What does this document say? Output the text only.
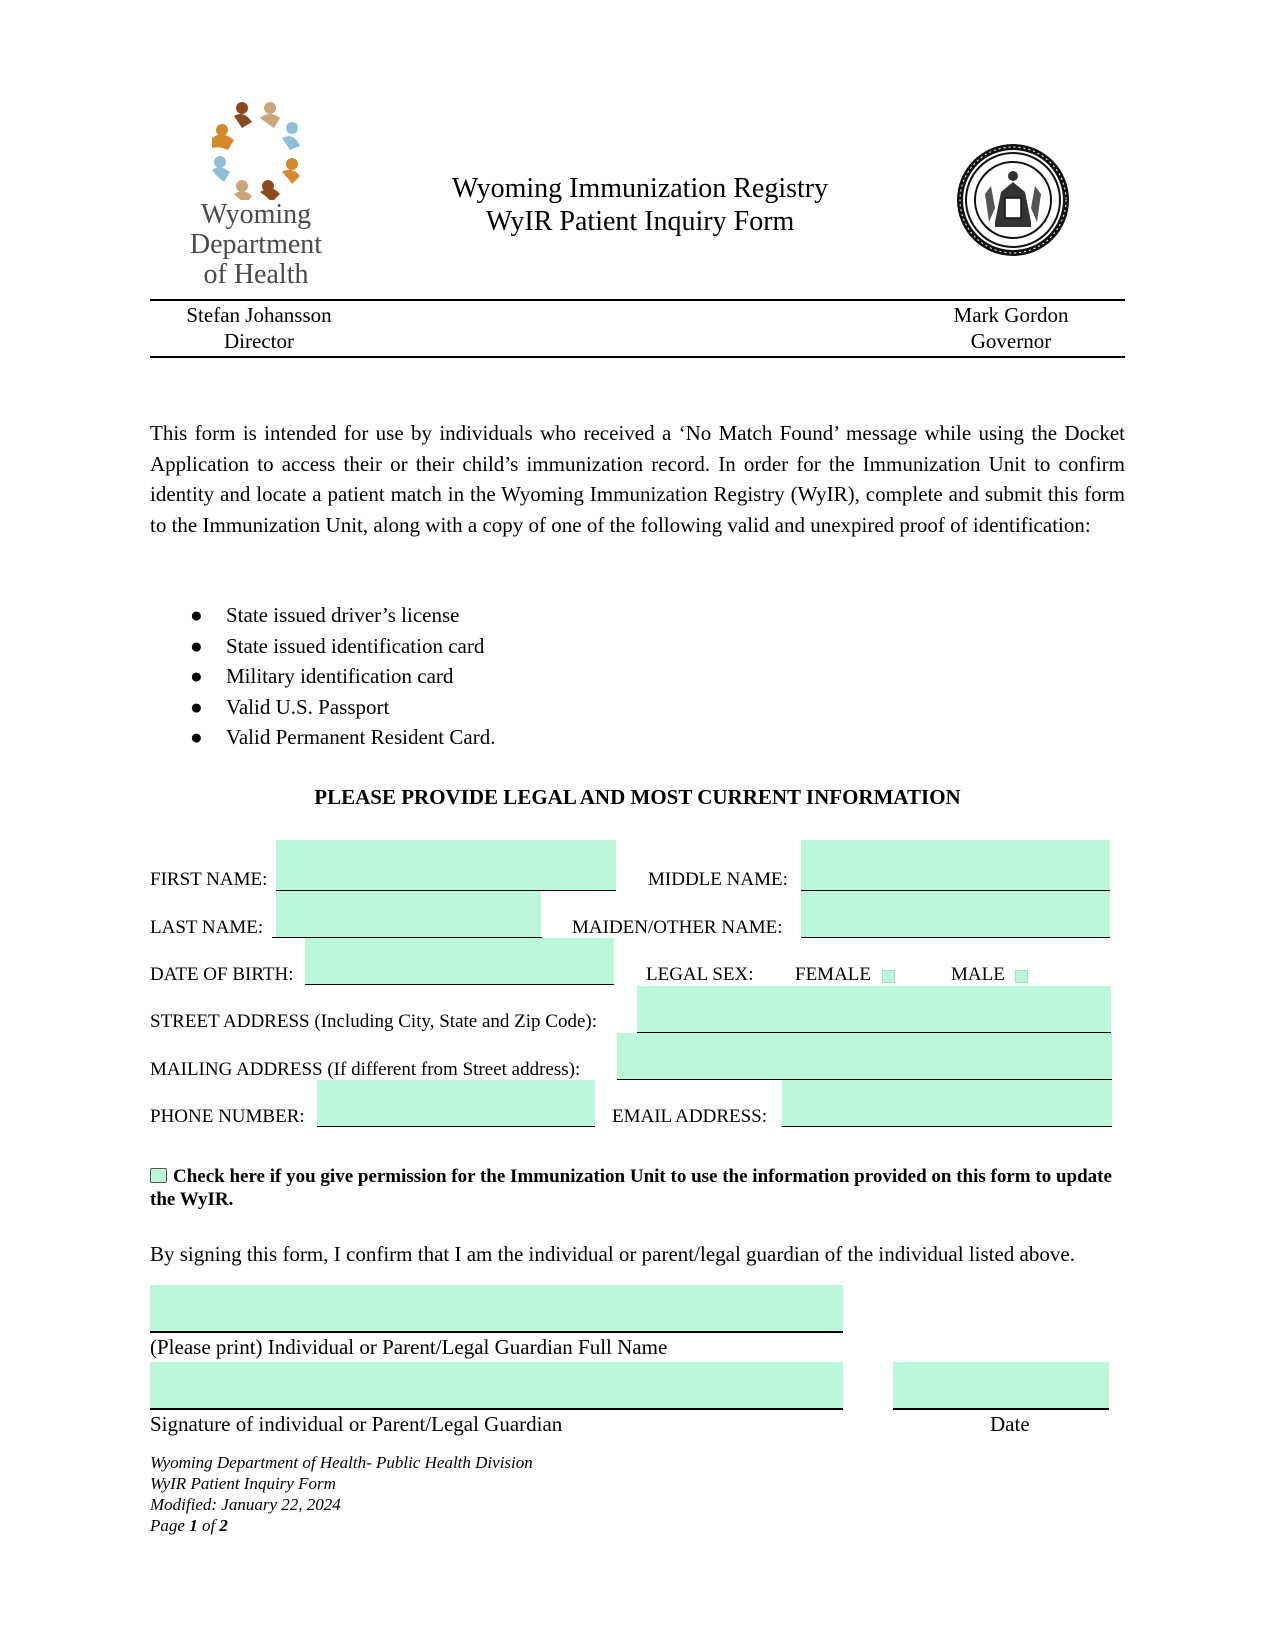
Wyoming
Department
of Health
Wyoming Immunization Registry
WyIR Patient Inquiry Form
Stefan Johansson
Director
Mark Gordon
Governor
This form is intended for use by individuals who received a ‘No Match Found’ message while using the Docket Application to access their or their child’s immunization record. In order for the Immunization Unit to confirm identity and locate a patient match in the Wyoming Immunization Registry (WyIR), complete and submit this form to the Immunization Unit, along with a copy of one of the following valid and unexpired proof of identification:
● State issued driver’s license
● State issued identification card
● Military identification card
● Valid U.S. Passport
● Valid Permanent Resident Card.
PLEASE PROVIDE LEGAL AND MOST CURRENT INFORMATION
FIRST NAME:	MIDDLE NAME:
LAST NAME:	MAIDEN/OTHER NAME:
DATE OF BIRTH:	LEGAL SEX: FEMALE	MALE
STREET ADDRESS (Including City, State and Zip Code):
MAILING ADDRESS (If different from Street address):
PHONE NUMBER:	EMAIL ADDRESS:
Check here if you give permission for the Immunization Unit to use the information provided on this form to update the WyIR.
By signing this form, I confirm that I am the individual or parent/legal guardian of the individual listed above.
(Please print) Individual or Parent/Legal Guardian Full Name
Signature of individual or Parent/Legal Guardian	Date
Wyoming Department of Health- Public Health Division
WyIR Patient Inquiry Form
Modified: January 22, 2024
Page 1 of 2
